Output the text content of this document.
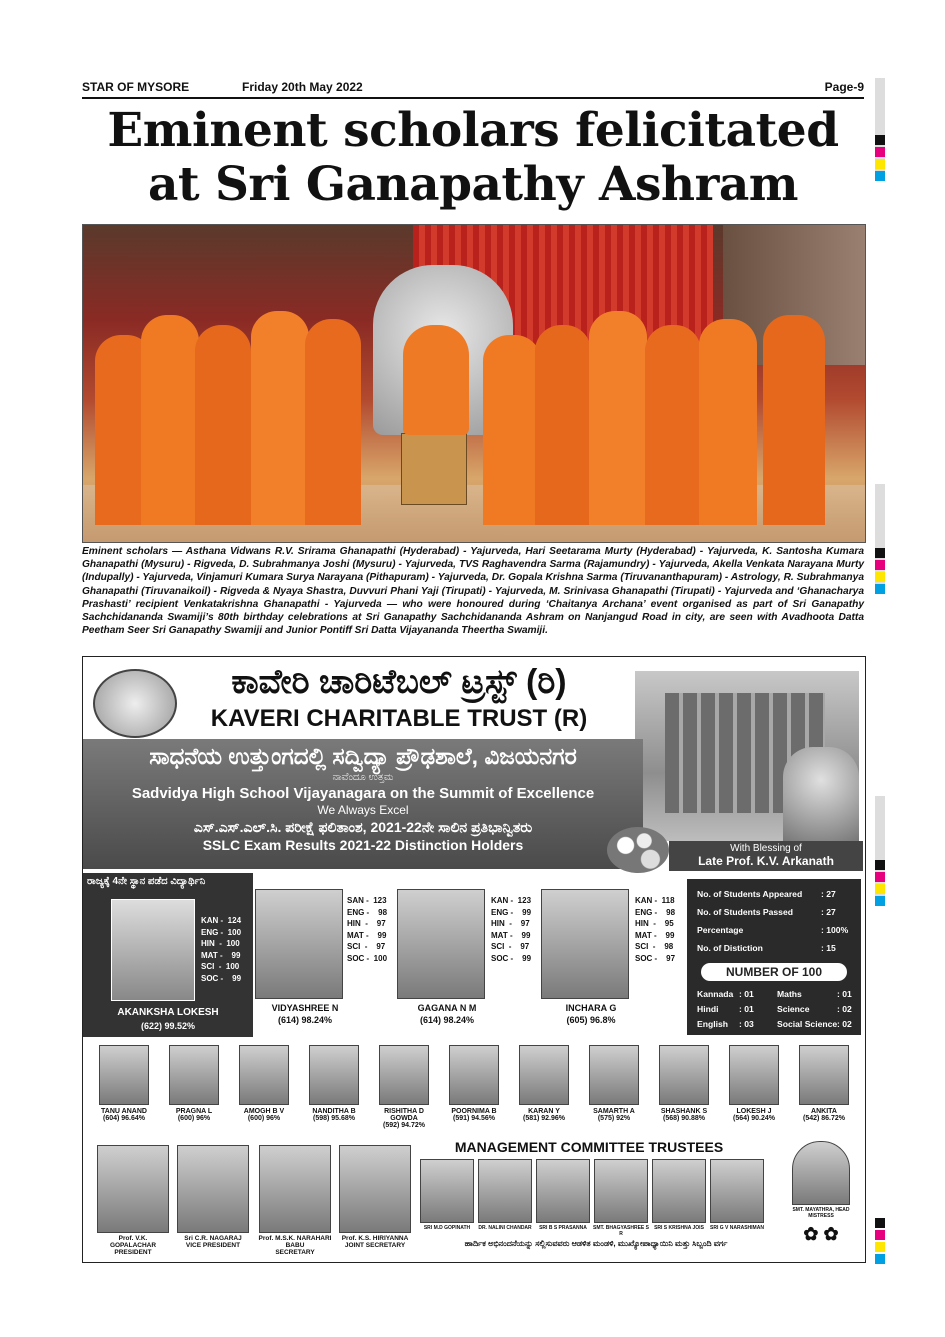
STAR OF MYSORE	Friday 20th May 2022	Page-9
Eminent scholars felicitated
at Sri Ganapathy Ashram
Eminent scholars — Asthana Vidwans R.V. Srirama Ghanapathi (Hyderabad) - Yajurveda, Hari Seetarama Murty (Hyderabad) - Yajurveda, K. Santosha Kumara Ghanapathi (Mysuru) - Rigveda, D. Subrahmanya Joshi (Mysuru) - Yajurveda, TVS Raghavendra Sarma (Rajamundry) - Yajurveda, Akella Venkata Narayana Murty (Indupally) - Yajurveda, Vinjamuri Kumara Surya Narayana (Pithapuram) - Yajurveda, Dr. Gopala Krishna Sarma (Tiruvananthapuram) - Astrology, R. Subrahmanya Ghanapathi (Tiruvanaikoil) - Rigveda & Nyaya Shastra, Duvvuri Phani Yaji (Tirupati) - Yajurveda, M. Srinivasa Ghanapathi (Tirupati) - Yajurveda and ‘Ghanacharya Prashasti’ recipient Venkatakrishna Ghanapathi - Yajurveda — who were honoured during ‘Chaitanya Archana’ event organised as part of Sri Ganapathy Sachchidananda Swamiji’s 80th birthday celebrations at Sri Ganapathy Sachchidananda Ashram on Nanjangud Road in city, are seen with Avadhoota Datta Peetham Seer Sri Ganapathy Swamiji and Junior Pontiff Sri Datta Vijayananda Theertha Swamiji.
ಕಾವೇರಿ ಚಾರಿಟೆಬಲ್ ಟ್ರಸ್ಟ್ (ರಿ)
KAVERI CHARITABLE TRUST (R)
ಸಾಧನೆಯ ಉತ್ತುಂಗದಲ್ಲಿ ಸದ್ವಿದ್ಯಾ ಪ್ರೌಢಶಾಲೆ, ವಿಜಯನಗರ
ನಾವೆಂದೂ ಉತ್ತಮ
Sadvidya High School Vijayanagara on the Summit of Excellence
We Always Excel
ಎಸ್.ಎಸ್.ಎಲ್.ಸಿ. ಪರೀಕ್ಷೆ ಫಲಿತಾಂಶ, 2021-22ನೇ ಸಾಲಿನ ಪ್ರತಿಭಾನ್ವಿತರು
SSLC Exam Results 2021-22 Distinction Holders	With Blessing of
Late Prof. K.V. Arkanath
ರಾಜ್ಯಕ್ಕೆ 4ನೇ ಸ್ಥಾನ ಪಡೆದ ವಿದ್ಯಾರ್ಥಿನಿ
KAN -  124
ENG -  100
HIN  -  100
MAT -    99
SCI  -  100
SOC -    99
AKANKSHA LOKESH
(622) 99.52%
SAN -  123
ENG -    98
HIN  -    97
MAT -    99
SCI  -    97
SOC -  100
VIDYASHREE N
(614) 98.24%
KAN -  123
ENG -    99
HIN  -    97
MAT -    99
SCI  -    97
SOC -    99
GAGANA N M
(614) 98.24%
KAN -  118
ENG -    98
HIN  -    95
MAT -    99
SCI  -    98
SOC -    97
INCHARA G
(605) 96.8%
No. of Students Appeared : 27
No. of Students Passed	: 27
Percentage	: 100%
No. of Distiction	: 15
NUMBER OF 100
Kannada : 01	Maths	: 01
Hindi : 01	Science	: 02
English : 03	Social Science : 02
TANU ANAND
(604) 96.64%
PRAGNA L
(600) 96%
AMOGH B V
(600) 96%
NANDITHA B
(598) 95.68%
RISHITHA D GOWDA
(592) 94.72%
POORNIMA B
(591) 94.56%
KARAN Y
(581) 92.96%
SAMARTH A
(575) 92%
SHASHANK S
(568) 90.88%
LOKESH J
(564) 90.24%
ANKITA
(542) 86.72%
Prof. V.K. GOPALACHAR
PRESIDENT
Sri C.R. NAGARAJ
VICE PRESIDENT
Prof. M.S.K. NARAHARI BABU
SECRETARY
Prof. K.S. HIRIYANNA
JOINT SECRETARY
MANAGEMENT COMMITTEE TRUSTEES
SRI M.D GOPINATH	DR. NALINI CHANDAR	SRI B S PRASANNA	SMT. BHAGYASHREE S R
SRI S KRISHNA JOIS	SRI G V NARASHIMAN
ಹಾರ್ದಿಕ ಅಭಿನಂದನೆಯನ್ನು ಸಲ್ಲಿಸುವವರು ಆಡಳಿತ ಮಂಡಳಿ, ಮುಖ್ಯೋಪಾಧ್ಯಾಯಿನಿ ಮತ್ತು ಸಿಬ್ಬಂದಿ ವರ್ಗ
SMT. MAYATHRA, HEAD MISTRESS
✿ ✿
